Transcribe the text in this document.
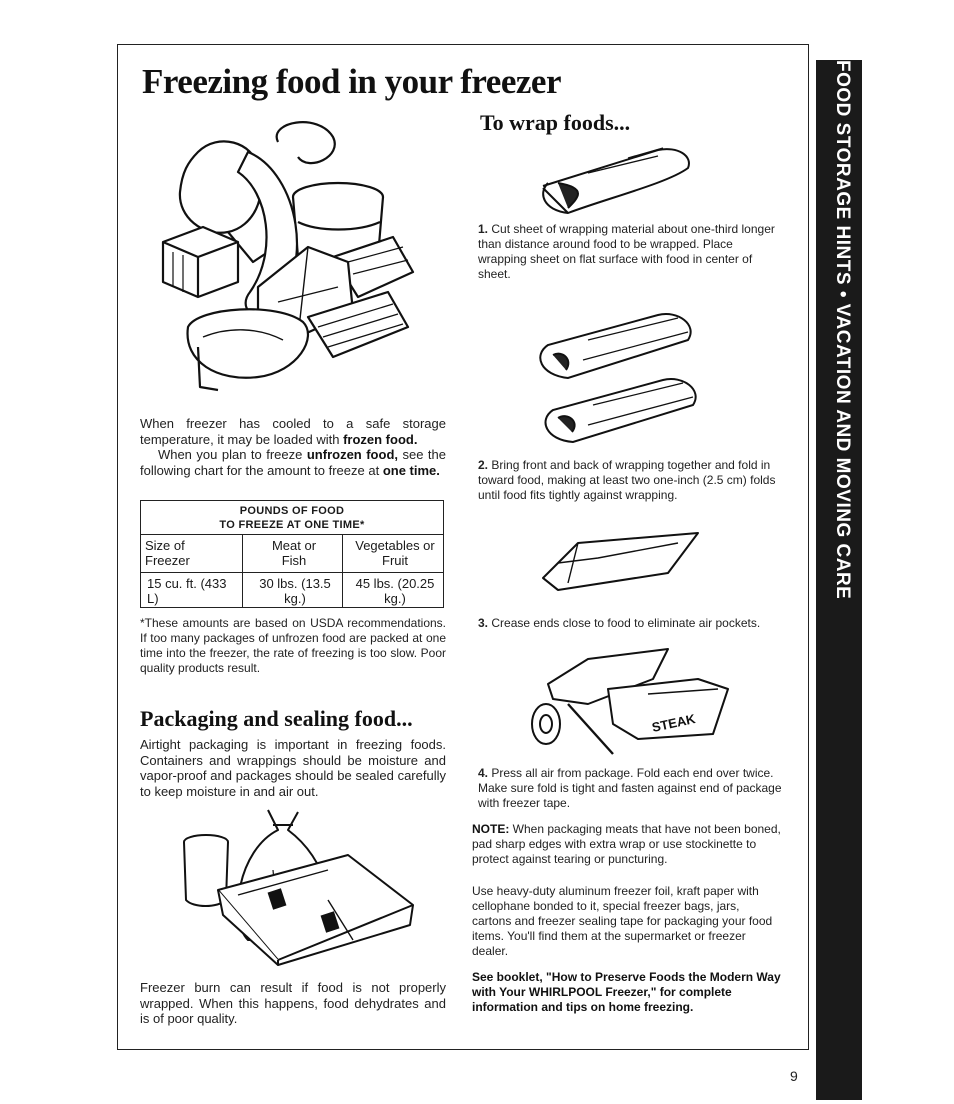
FOOD STORAGE HINTS • VACATION AND MOVING CARE
Freezing food in your freezer

When freezer has cooled to a safe storage temperature, it may be loaded with frozen food.
When you plan to freeze unfrozen food, see the following chart for the amount to freeze at one time.

POUNDS OF FOOD
TO FREEZE AT ONE TIME*
Size of Freezer
Meat or Fish
Vegetables or Fruit
15 cu. ft. (433 L)
30 lbs. (13.5 kg.)
45 lbs. (20.25 kg.)

*These amounts are based on USDA recommendations. If too many packages of unfrozen food are packed at one time into the freezer, the rate of freezing is too slow. Poor quality products result.

Packaging and sealing food...

Airtight packaging is important in freezing foods. Containers and wrappings should be moisture and vapor-proof and packages should be sealed carefully to keep moisture in and air out.

Freezer burn can result if food is not properly wrapped. When this happens, food dehydrates and is of poor quality.

To wrap foods...

1. Cut sheet of wrapping material about one-third longer than distance around food to be wrapped. Place wrapping sheet on flat surface with food in center of sheet.

2. Bring front and back of wrapping together and fold in toward food, making at least two one-inch (2.5 cm) folds until food fits tightly against wrapping.

3. Crease ends close to food to eliminate air pockets.

STEAK

4. Press all air from package. Fold each end over twice. Make sure fold is tight and fasten against end of package with freezer tape.

NOTE: When packaging meats that have not been boned, pad sharp edges with extra wrap or use stockinette to protect against tearing or puncturing.

Use heavy-duty aluminum freezer foil, kraft paper with cellophane bonded to it, special freezer bags, jars, cartons and freezer sealing tape for packaging your food items. You'll find them at the supermarket or freezer dealer.

See booklet, "How to Preserve Foods the Modern Way with Your WHIRLPOOL Freezer," for complete information and tips on home freezing.

9
